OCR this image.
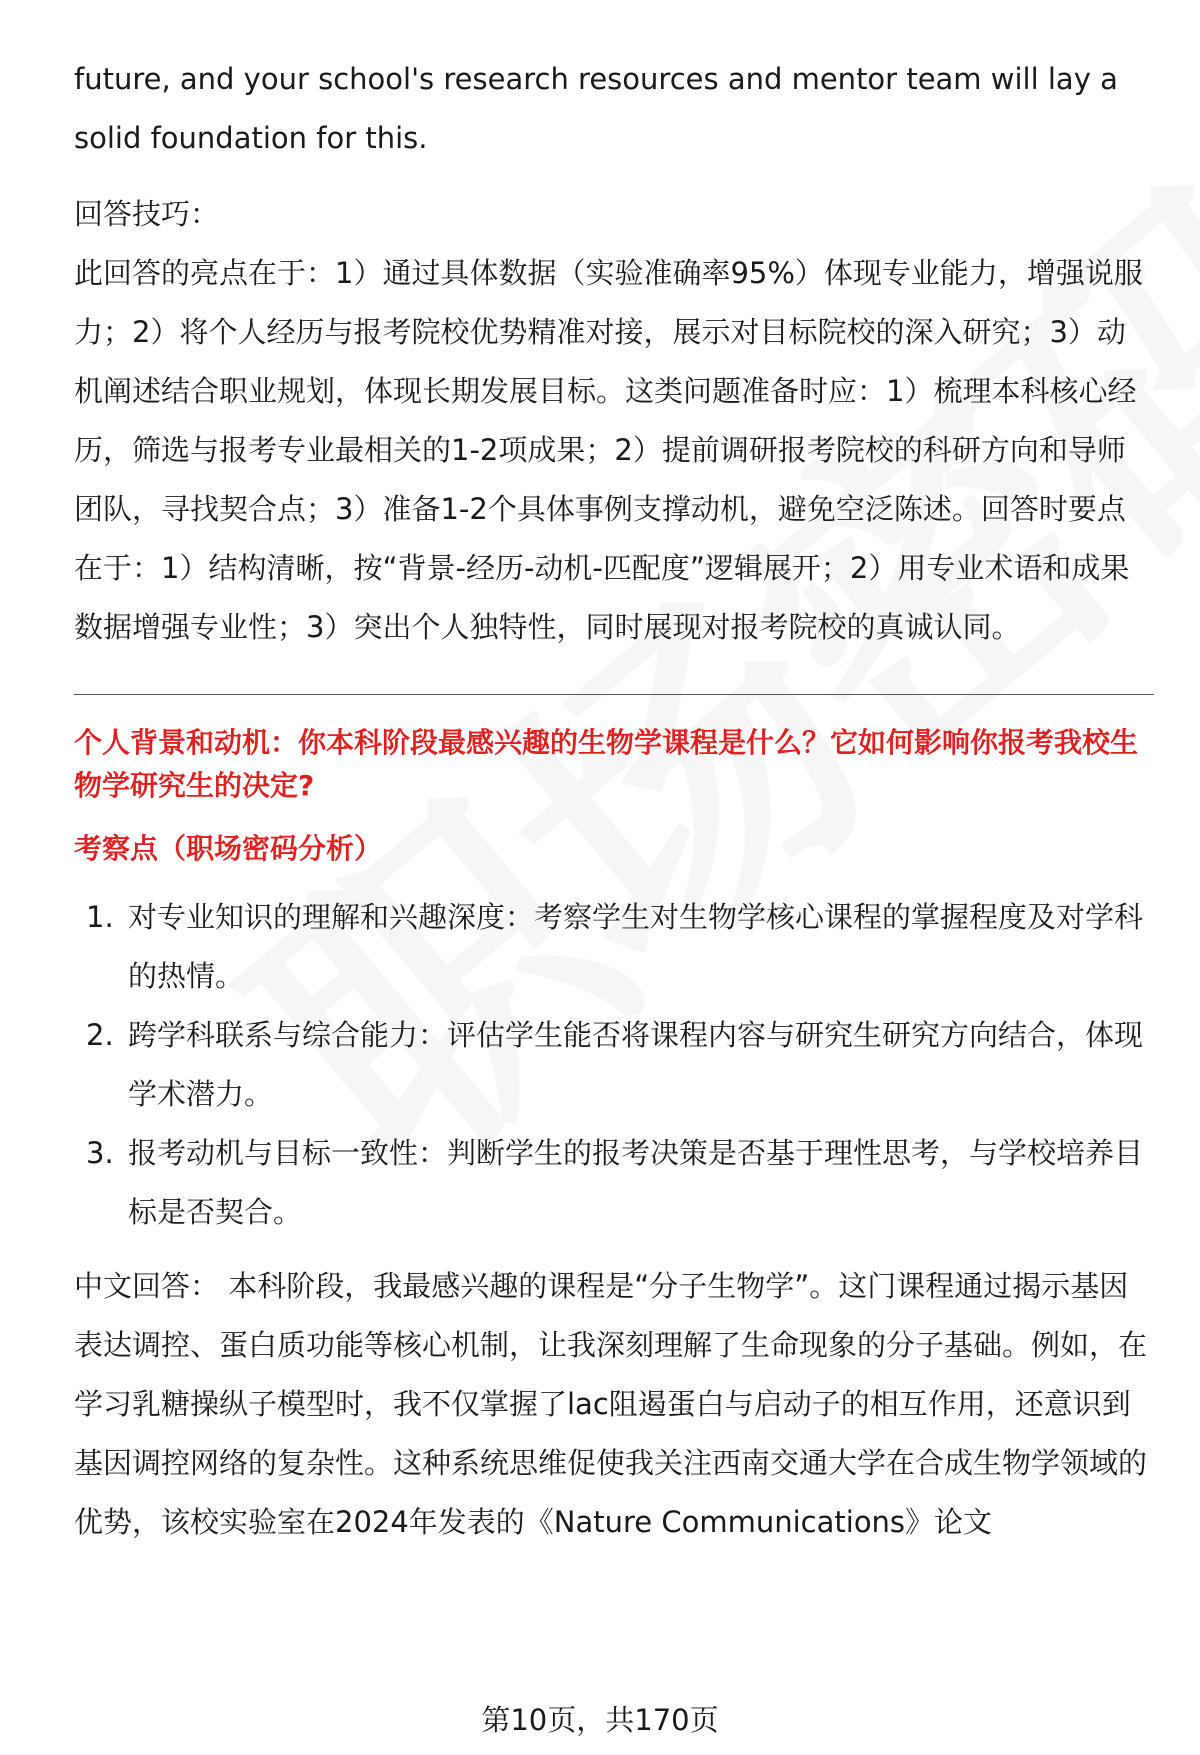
future, and your school's research resources and mentor team will lay a solid foundation for this.

回答技巧：

此回答的亮点在于：1）通过具体数据（实验准确率95%）体现专业能力，增强说服力；2）将个人经历与报考院校优势精准对接，展示对目标院校的深入研究；3）动机阐述结合职业规划，体现长期发展目标。这类问题准备时应：1）梳理本科核心经历，筛选与报考专业最相关的1-2项成果；2）提前调研报考院校的科研方向和导师团队，寻找契合点；3）准备1-2个具体事例支撑动机，避免空泛陈述。回答时要点在于：1）结构清晰，按“背景-经历-动机-匹配度”逻辑展开；2）用专业术语和成果数据增强专业性；3）突出个人独特性，同时展现对报考院校的真诚认同。

个人背景和动机：你本科阶段最感兴趣的生物学课程是什么？它如何影响你报考我校生物学研究生的决定?

考察点（职场密码分析）

1. 对专业知识的理解和兴趣深度：考察学生对生物学核心课程的掌握程度及对学科的热情。
2. 跨学科联系与综合能力：评估学生能否将课程内容与研究生研究方向结合，体现学术潜力。
3. 报考动机与目标一致性：判断学生的报考决策是否基于理性思考，与学校培养目标是否契合。

中文回答： 本科阶段，我最感兴趣的课程是“分子生物学”。这门课程通过揭示基因表达调控、蛋白质功能等核心机制，让我深刻理解了生命现象的分子基础。例如，在学习乳糖操纵子模型时，我不仅掌握了lac阻遏蛋白与启动子的相互作用，还意识到基因调控网络的复杂性。这种系统思维促使我关注西南交通大学在合成生物学领域的优势，该校实验室在2024年发表的《Nature Communications》论文

第10页，共170页
